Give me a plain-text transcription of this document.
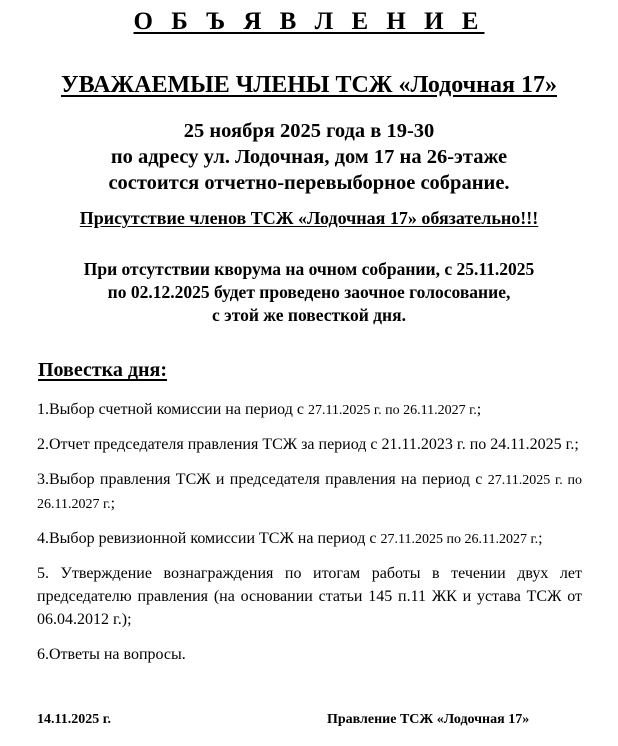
О Б Ъ Я В Л Е Н И Е
УВАЖАЕМЫЕ ЧЛЕНЫ ТСЖ «Лодочная 17»
25 ноября 2025 года в 19-30
по адресу ул. Лодочная, дом 17 на 26-этаже
состоится отчетно-перевыборное собрание.
Присутствие членов ТСЖ «Лодочная 17» обязательно!!!
При отсутствии кворума на очном собрании, с 25.11.2025
по 02.12.2025 будет проведено заочное голосование,
с этой же повесткой дня.
Повестка дня:
1.Выбор счетной комиссии на период с 27.11.2025 г. по 26.11.2027 г.;
2.Отчет председателя правления ТСЖ за период с 21.11.2023 г. по 24.11.2025 г.;
3.Выбор правления ТСЖ и председателя правления на период с 27.11.2025 г. по 26.11.2027 г.;
4.Выбор ревизионной комиссии ТСЖ на период с 27.11.2025 по 26.11.2027 г.;
5. Утверждение вознаграждения по итогам работы в течении двух лет председателю правления (на основании статьи 145 п.11 ЖК и устава ТСЖ от 06.04.2012 г.);
6.Ответы на вопросы.
14.11.2025 г.	Правление ТСЖ «Лодочная 17»
